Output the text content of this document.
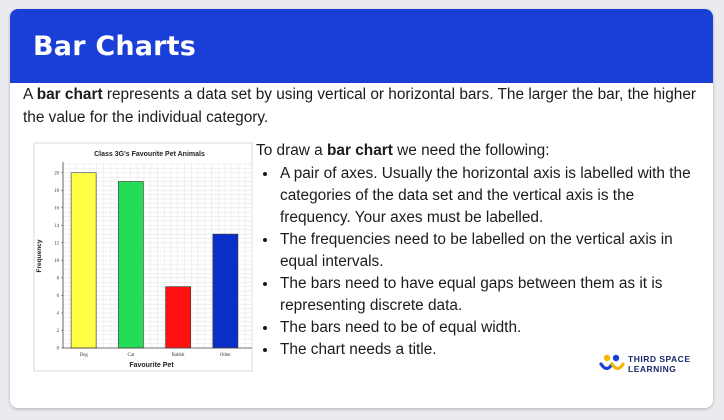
Bar Charts
A bar chart represents a data set by using vertical or horizontal bars. The larger the bar, the higher the value for the individual category.
Class 3G's Favourite Pet Animals
Dog	Cat	Rabbit	Other
0
2
4
6
8
10
12
14
16
18
20
Favourite Pet
Frequency

To draw a bar chart we need the following:

• A pair of axes. Usually the horizontal axis is labelled with the categories of the data set and the vertical axis is the frequency. Your axes must be labelled.
• The frequencies need to be labelled on the vertical axis in equal intervals.
• The bars need to have equal gaps between them as it is representing discrete data.
• The bars need to be of equal width.
• The chart needs a title.
THIRD SPACE
LEARNING
